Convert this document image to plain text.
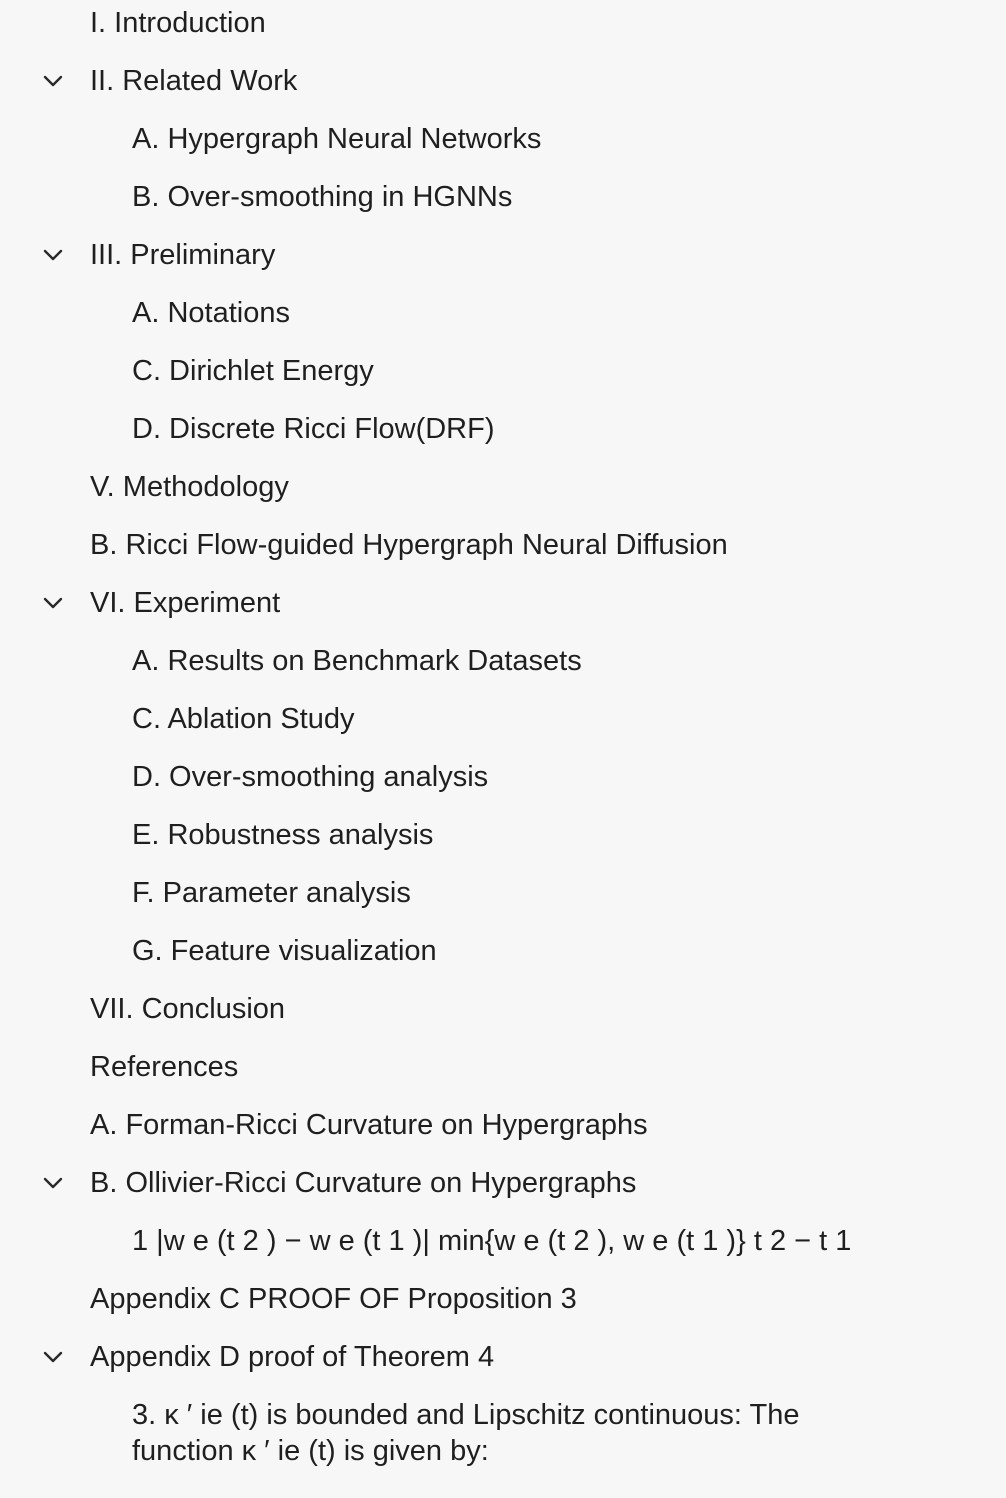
I. Introduction
II. Related Work
A. Hypergraph Neural Networks
B. Over-smoothing in HGNNs
III. Preliminary
A. Notations
C. Dirichlet Energy
D. Discrete Ricci Flow(DRF)
V. Methodology
B. Ricci Flow-guided Hypergraph Neural Diffusion
VI. Experiment
A. Results on Benchmark Datasets
C. Ablation Study
D. Over-smoothing analysis
E. Robustness analysis
F. Parameter analysis
G. Feature visualization
VII. Conclusion
References
A. Forman-Ricci Curvature on Hypergraphs
B. Ollivier-Ricci Curvature on Hypergraphs
1 |w e (t 2 ) − w e (t 1 )| min{w e (t 2 ), w e (t 1 )} t 2 − t 1
Appendix C PROOF OF Proposition 3
Appendix D proof of Theorem 4
3. κ ′ ie (t) is bounded and Lipschitz continuous: The function κ ′ ie (t) is given by:
